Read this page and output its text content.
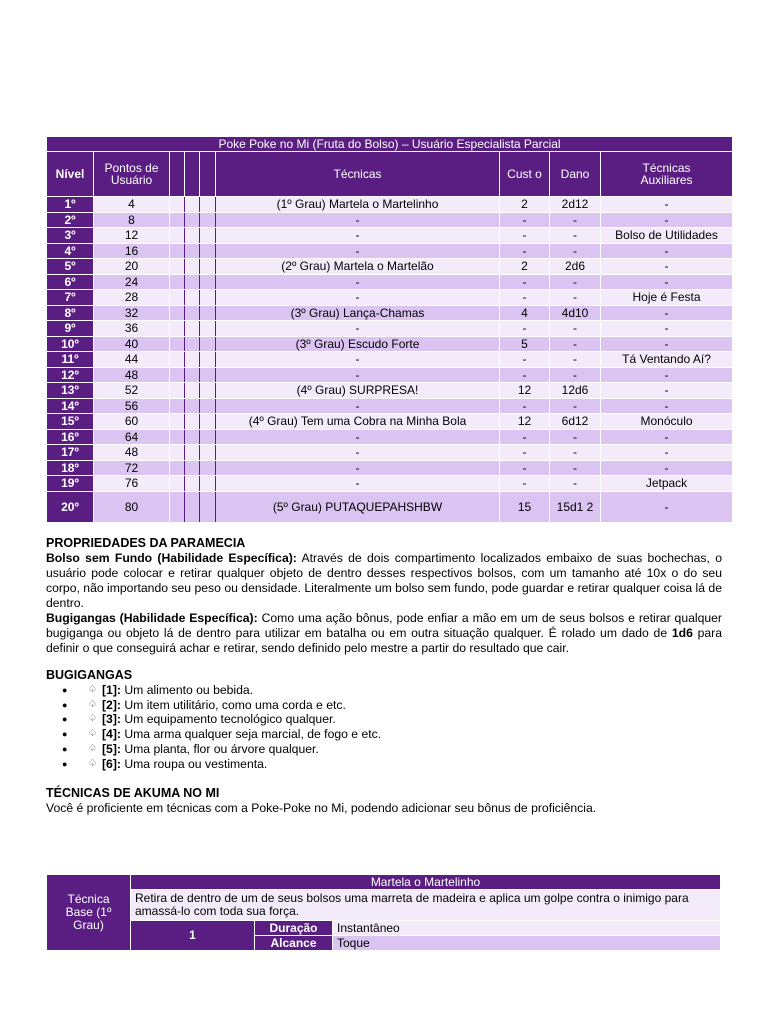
Poke Poke no Mi (Fruta do Bolso) – Usuário Especialista Parcial								
Nível	Pontos de Usuário				Técnicas	Cust o	Dano	Técnicas Auxiliares
1º	4				(1º Grau) Martela o Martelinho	2	2d12	-
2º	8				-	-	-	-
3º	12				-	-	-	Bolso de Utilidades
4º	16				-	-	-	-
5º	20				(2º Grau) Martela o Martelão	2	2d6	-
6º	24				-	-	-	-
7º	28				-	-	-	Hoje é Festa
8º	32				(3º Grau) Lança-Chamas	4	4d10	-
9º	36				-	-	-	-
10º	40				(3º Grau) Escudo Forte	5	-	-
11º	44				-	-	-	Tá Ventando Aí?
12º	48				-	-	-	-
13º	52				(4º Grau) SURPRESA!	12	12d6	-
14º	56				-	-	-	-
15º	60				(4º Grau) Tem uma Cobra na Minha Bola	12	6d12	Monóculo
16º	64				-	-	-	-
17º	48				-	-	-	-
18º	72				-	-	-	-
19º	76				-	-	-	Jetpack
20º	80				(5º Grau) PUTAQUEPAHSHBW	15	15d1 2	-
PROPRIEDADES DA PARAMECIA
Bolso sem Fundo (Habilidade Específica): Através de dois compartimento localizados embaixo de suas bochechas, o usuário pode colocar e retirar qualquer objeto de dentro desses respectivos bolsos, com um tamanho até 10x o do seu corpo, não importando seu peso ou densidade. Literalmente um bolso sem fundo, pode guardar e retirar qualquer coisa lá de dentro.
Bugigangas (Habilidade Específica): Como uma ação bônus, pode enfiar a mão em um de seus bolsos e retirar qualquer bugiganga ou objeto lá de dentro para utilizar em batalha ou em outra situação qualquer. É rolado um dado de 1d6 para definir o que conseguirá achar e retirar, sendo definido pelo mestre a partir do resultado que cair.
BUGIGANGAS
●	♤ [1]: Um alimento ou bebida.
●	♤ [2]: Um item utilitário, como uma corda e etc.
●	♤ [3]: Um equipamento tecnológico qualquer.
●	♤ [4]: Uma arma qualquer seja marcial, de fogo e etc.
●	♤ [5]: Uma planta, flor ou árvore qualquer.
●	♤ [6]: Uma roupa ou vestimenta.
TÉCNICAS DE AKUMA NO MI
Você é proficiente em técnicas com a Poke-Poke no Mi, podendo adicionar seu bônus de proficiência.
Técnica Base (1º Grau)	Martela o Martelinho		
	Retira de dentro de um de seus bolsos uma marreta de madeira e aplica um golpe contra o inimigo para amassá-lo com toda sua força.		
	1	Duração	Instantâneo
		Alcance	Toque
